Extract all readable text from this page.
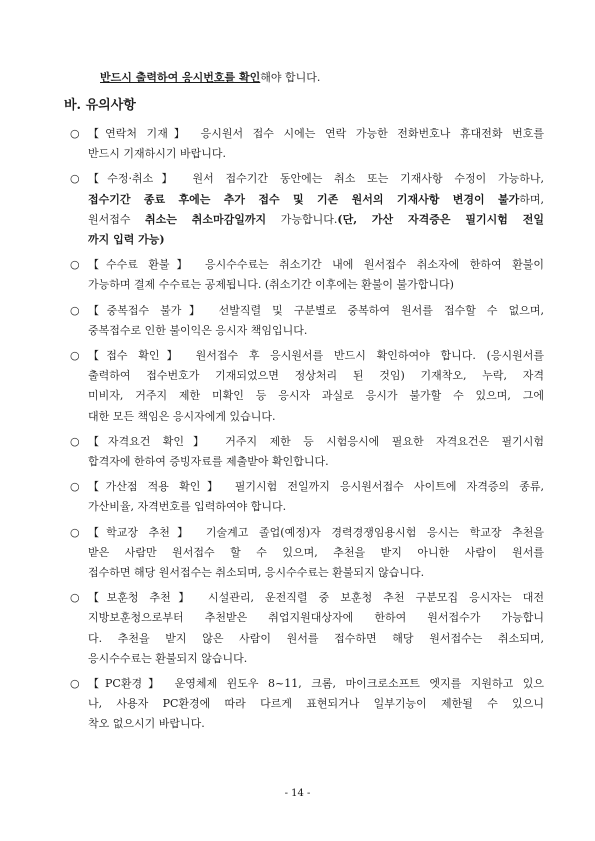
반드시 출력하여 응시번호를 확인해야 합니다.
바. 유의사항
○ 【연락처 기재】 응시원서 접수 시에는 연락 가능한 전화번호나 휴대전화 번호를
반드시 기재하시기 바랍니다.
○ 【수정·취소】 원서 접수기간 동안에는 취소 또는 기재사항 수정이 가능하나,
접수기간 종료 후에는 추가 접수 및 기존 원서의 기재사항 변경이 불가하며,
원서접수 취소는 취소마감일까지 가능합니다.(단, 가산 자격증은 필기시험 전일
까지 입력 가능)
○ 【수수료 환불】 응시수수료는 취소기간 내에 원서접수 취소자에 한하여 환불이
가능하며 결제 수수료는 공제됩니다. (취소기간 이후에는 환불이 불가합니다)
○ 【중복접수 불가】 선발직렬 및 구분별로 중복하여 원서를 접수할 수 없으며,
중복접수로 인한 불이익은 응시자 책임입니다.
○ 【접수 확인】 원서접수 후 응시원서를 반드시 확인하여야 합니다. (응시원서를
출력하여 접수번호가 기재되었으면 정상처리 된 것임) 기재착오, 누락, 자격
미비자, 거주지 제한 미확인 등 응시자 과실로 응시가 불가할 수 있으며, 그에
대한 모든 책임은 응시자에게 있습니다.
○ 【자격요건 확인】 거주지 제한 등 시험응시에 필요한 자격요건은 필기시험
합격자에 한하여 증빙자료를 제출받아 확인합니다.
○ 【가산점 적용 확인】 필기시험 전일까지 응시원서접수 사이트에 자격증의 종류,
가산비율, 자격번호를 입력하여야 합니다.
○ 【학교장 추천】 기술계고 졸업(예정)자 경력경쟁임용시험 응시는 학교장 추천을
받은 사람만 원서접수 할 수 있으며, 추천을 받지 아니한 사람이 원서를
접수하면 해당 원서접수는 취소되며, 응시수수료는 환불되지 않습니다.
○ 【보훈청 추천】 시설관리, 운전직렬 중 보훈청 추천 구분모집 응시자는 대전
지방보훈청으로부터 추천받은 취업지원대상자에 한하여 원서접수가 가능합니
다. 추천을 받지 않은 사람이 원서를 접수하면 해당 원서접수는 취소되며,
응시수수료는 환불되지 않습니다.
○ 【PC환경】 운영체제 윈도우 8~11, 크롬, 마이크로소프트 엣지를 지원하고 있으
나, 사용자 PC환경에 따라 다르게 표현되거나 일부기능이 제한될 수 있으니
착오 없으시기 바랍니다.
- 14 -
